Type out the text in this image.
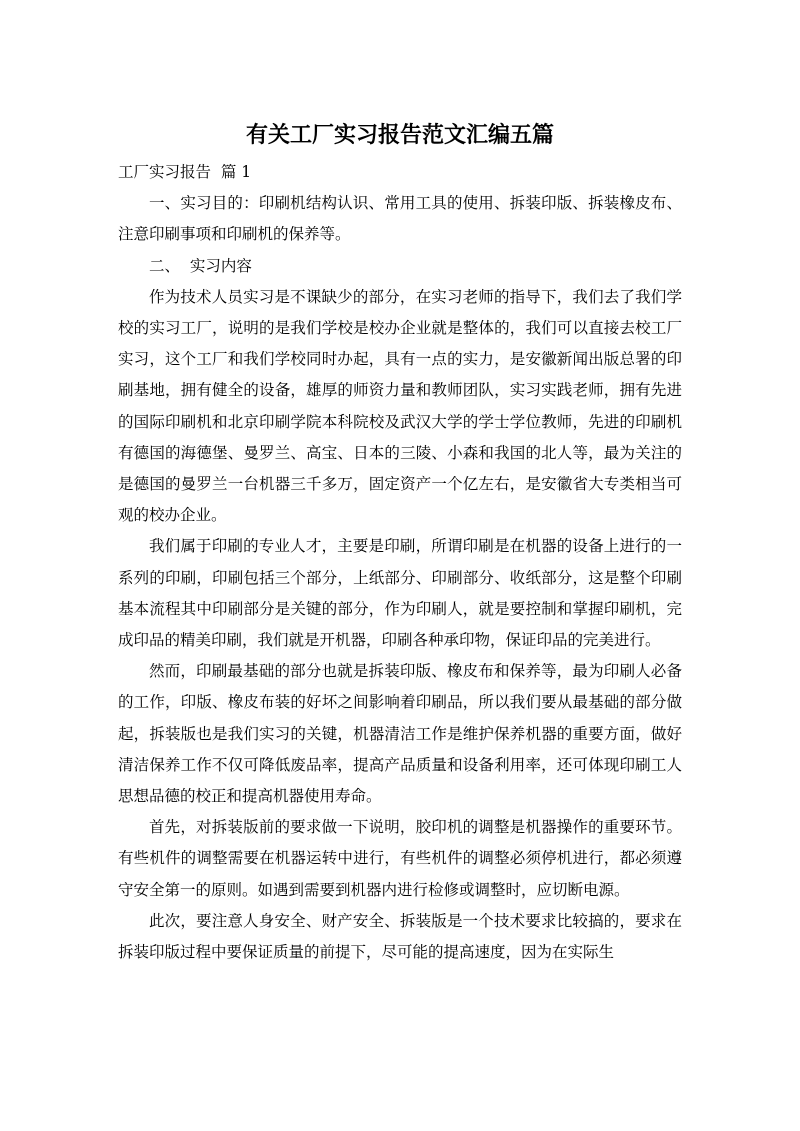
有关工厂实习报告范文汇编五篇

工厂实习报告  篇 1

一、实习目的：印刷机结构认识、常用工具的使用、拆装印版、拆装橡皮布、注意印刷事项和印刷机的保养等。

二、  实习内容

作为技术人员实习是不课缺少的部分，在实习老师的指导下，我们去了我们学校的实习工厂，说明的是我们学校是校办企业就是整体的，我们可以直接去校工厂实习，这个工厂和我们学校同时办起，具有一点的实力，是安徽新闻出版总署的印刷基地，拥有健全的设备，雄厚的师资力量和教师团队，实习实践老师，拥有先进的国际印刷机和北京印刷学院本科院校及武汉大学的学士学位教师，先进的印刷机有德国的海德堡、曼罗兰、高宝、日本的三陵、小森和我国的北人等，最为关注的是德国的曼罗兰一台机器三千多万，固定资产一个亿左右，是安徽省大专类相当可观的校办企业。

我们属于印刷的专业人才，主要是印刷，所谓印刷是在机器的设备上进行的一系列的印刷，印刷包括三个部分，上纸部分、印刷部分、收纸部分，这是整个印刷基本流程其中印刷部分是关键的部分，作为印刷人，就是要控制和掌握印刷机，完成印品的精美印刷，我们就是开机器，印刷各种承印物，保证印品的完美进行。

然而，印刷最基础的部分也就是拆装印版、橡皮布和保养等，最为印刷人必备的工作，印版、橡皮布装的好坏之间影响着印刷品，所以我们要从最基础的部分做起，拆装版也是我们实习的关键，机器清洁工作是维护保养机器的重要方面，做好清洁保养工作不仅可降低废品率，提高产品质量和设备利用率，还可体现印刷工人思想品德的校正和提高机器使用寿命。

首先，对拆装版前的要求做一下说明，胶印机的调整是机器操作的重要环节。有些机件的调整需要在机器运转中进行，有些机件的调整必须停机进行，都必须遵守安全第一的原则。如遇到需要到机器内进行检修或调整时，应切断电源。

此次，要注意人身安全、财产安全、拆装版是一个技术要求比较搞的，要求在拆装印版过程中要保证质量的前提下，尽可能的提高速度，因为在实际生
